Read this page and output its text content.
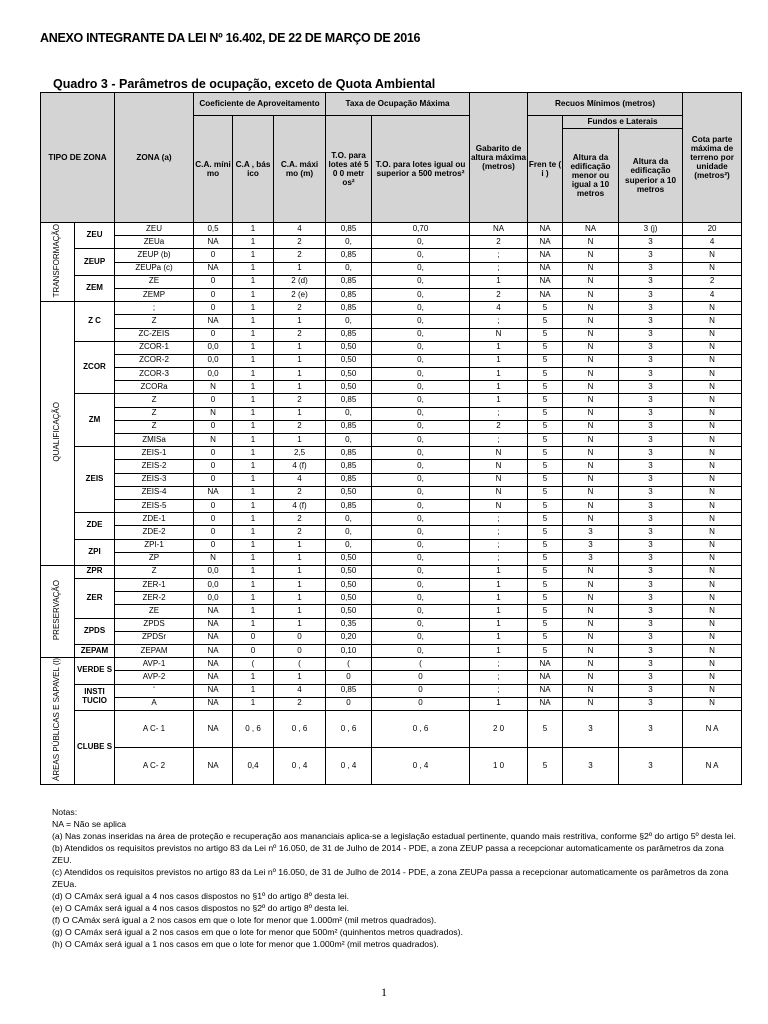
ANEXO INTEGRANTE DA LEI Nº 16.402, DE 22 DE MARÇO DE 2016
Quadro 3 - Parâmetros de ocupação, exceto de Quota Ambiental
TIPO DE ZONA		ZONA (a)	Coeficiente de Aproveitamento			Taxa de Ocupação Máxima		Gabarito de altura máxima (metros)	Recuos Mínimos (metros)			Cota parte máxima de terreno por unidade (metros²)
			C.A. míni mo	C.A , bás ico	C.A. máxi mo (m)	T.O. para lotes até 5 0 0 metr os²	T.O. para lotes igual ou superior a 500 metros²		Fren te ( i )	Fundos e Laterais		
										Altura da edificação menor ou igual a 10 metros	Altura da edificação superior a 10 metros	
TRANSFORMAÇÃO	ZEU	ZEU	0,5	1	4	0,85	0,70	NA	NA	NA	3 (j)	20
		ZEUa	NA	1	2	0,	0,	2	NA	N	3	4
	ZEUP	ZEUP (b)	0	1	2	0,85	0,	;	NA	N	3	N
		ZEUPa (c)	NA	1	1	0,	0,	;	NA	N	3	N
	ZEM	ZE	0	1	2 (d)	0,85	0,	1	NA	N	3	2
		ZEMP	0	1	2 (e)	0,85	0,	2	NA	N	3	4
QUALIFICAÇÃO	Z C	;	0	1	2	0,85	0,	4	5	N	3	N
		Z	NA	1	1	0,	0,	;	5	N	3	N
		ZC-ZEIS	0	1	2	0,85	0,	N	5	N	3	N
	ZCOR	ZCOR-1	0,0	1	1	0,50	0,	1	5	N	3	N
		ZCOR-2	0,0	1	1	0,50	0,	1	5	N	3	N
		ZCOR-3	0,0	1	1	0,50	0,	1	5	N	3	N
		ZCORa	N	1	1	0,50	0,	1	5	N	3	N
	ZM	Z	0	1	2	0,85	0,	1	5	N	3	N
		Z	N	1	1	0,	0,	;	5	N	3	N
		Z	0	1	2	0,85	0,	2	5	N	3	N
		ZMISa	N	1	1	0,	0,	;	5	N	3	N
	ZEIS	ZEIS-1	0	1	2,5	0,85	0,	N	5	N	3	N
		ZEIS-2	0	1	4 (f)	0,85	0,	N	5	N	3	N
		ZEIS-3	0	1	4	0,85	0,	N	5	N	3	N
		ZEIS-4	NA	1	2	0,50	0,	N	5	N	3	N
		ZEIS-5	0	1	4 (f)	0,85	0,	N	5	N	3	N
	ZDE	ZDE-1	0	1	2	0,	0,	;	5	N	3	N
		ZDE-2	0	1	2	0,	0,	;	5	3	3	N
	ZPI	ZPI-1	0	1	1	0,	0,	;	5	3	3	N
		ZP	N	1	1	0,50	0,	;	5	3	3	N
PRESERVAÇÃO	ZPR	Z	0,0	1	1	0,50	0,	1	5	N	3	N
	ZER	ZER-1	0,0	1	1	0,50	0,	1	5	N	3	N
		ZER-2	0,0	1	1	0,50	0,	1	5	N	3	N
		ZE	NA	1	1	0,50	0,	1	5	N	3	N
	ZPDS	ZPDS	NA	1	1	0,35	0,	1	5	N	3	N
		ZPDSr	NA	0	0	0,20	0,	1	5	N	3	N
	ZEPAM	ZEPAM	NA	0	0	0,10	0,	1	5	N	3	N
ÁREAS PÚBLICAS E SAPAVEL (l)	VERDE S	AVP-1	NA	(	(	(	(	;	NA	N	3	N
		AVP-2	NA	1	1	0	0	;	NA	N	3	N
	INSTI TUCIO	ʻ	NA	1	4	0,85	0	;	NA	N	3	N
		A	NA	1	2	0	0	1	NA	N	3	N
	CLUBE S	A C- 1	NA	0 , 6	0 , 6	0 , 6	0 , 6	2 0	5	3	3	N A
		A C- 2	NA	0,4	0 , 4	0 , 4	0 , 4	1 0	5	3	3	N A
Notas:
NA = Não se aplica
(a) Nas zonas inseridas na área de proteção e recuperação aos mananciais aplica-se a legislação estadual pertinente, quando mais restritiva, conforme §2º do artigo 5º desta lei.
(b) Atendidos os requisitos previstos no artigo 83 da Lei nº 16.050, de 31 de Julho de 2014 - PDE, a zona ZEUP passa a recepcionar automaticamente os parâmetros da zona ZEU.
(c) Atendidos os requisitos previstos no artigo 83 da Lei nº 16.050, de 31 de Julho de 2014 - PDE, a zona ZEUPa passa a recepcionar automaticamente os parâmetros da zona ZEUa.
(d) O CAmáx será igual a 4 nos casos dispostos no §1º do artigo 8º desta lei.
(e) O CAmáx será igual a 4 nos casos dispostos no §2º do artigo 8º desta lei.
(f) O CAmáx será igual a 2 nos casos em que o lote for menor que 1.000m² (mil metros quadrados).
(g) O CAmáx será igual a 2 nos casos em que o lote for menor que 500m² (quinhentos metros quadrados).
(h) O CAmáx será igual a 1 nos casos em que o lote for menor que 1.000m² (mil metros quadrados).
1
